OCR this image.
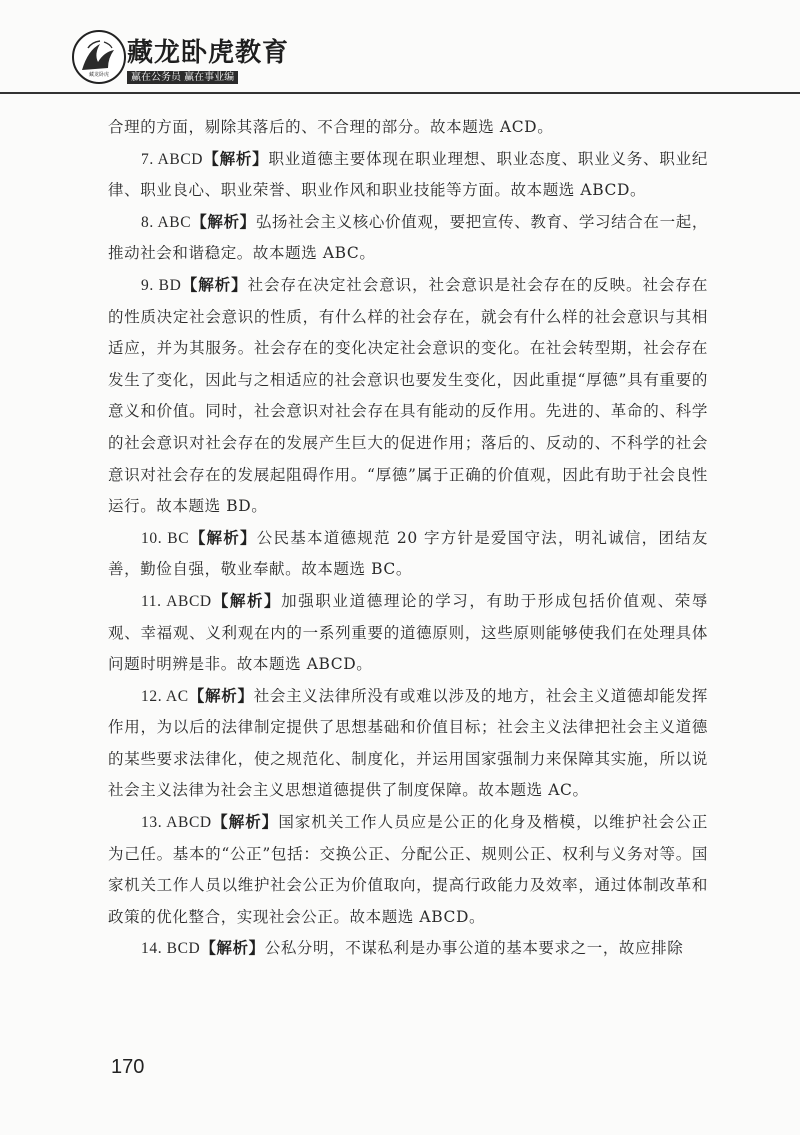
藏龙卧虎
藏龙卧虎教育
赢在公务员 赢在事业编

合理的方面，剔除其落后的、不合理的部分。故本题选 ACD。

7. ABCD【解析】职业道德主要体现在职业理想、职业态度、职业义务、职业纪律、职业良心、职业荣誉、职业作风和职业技能等方面。故本题选 ABCD。

8. ABC【解析】弘扬社会主义核心价值观，要把宣传、教育、学习结合在一起，推动社会和谐稳定。故本题选 ABC。

9. BD【解析】社会存在决定社会意识，社会意识是社会存在的反映。社会存在的性质决定社会意识的性质，有什么样的社会存在，就会有什么样的社会意识与其相适应，并为其服务。社会存在的变化决定社会意识的变化。在社会转型期，社会存在发生了变化，因此与之相适应的社会意识也要发生变化，因此重提“厚德”具有重要的意义和价值。同时，社会意识对社会存在具有能动的反作用。先进的、革命的、科学的社会意识对社会存在的发展产生巨大的促进作用；落后的、反动的、不科学的社会意识对社会存在的发展起阻碍作用。“厚德”属于正确的价值观，因此有助于社会良性运行。故本题选 BD。

10. BC【解析】公民基本道德规范 20 字方针是爱国守法，明礼诚信，团结友善，勤俭自强，敬业奉献。故本题选 BC。

11. ABCD【解析】加强职业道德理论的学习，有助于形成包括价值观、荣辱观、幸福观、义利观在内的一系列重要的道德原则，这些原则能够使我们在处理具体问题时明辨是非。故本题选 ABCD。

12. AC【解析】社会主义法律所没有或难以涉及的地方，社会主义道德却能发挥作用，为以后的法律制定提供了思想基础和价值目标；社会主义法律把社会主义道德的某些要求法律化，使之规范化、制度化，并运用国家强制力来保障其实施，所以说社会主义法律为社会主义思想道德提供了制度保障。故本题选 AC。

13. ABCD【解析】国家机关工作人员应是公正的化身及楷模，以维护社会公正为己任。基本的“公正”包括：交换公正、分配公正、规则公正、权利与义务对等。国家机关工作人员以维护社会公正为价值取向，提高行政能力及效率，通过体制改革和政策的优化整合，实现社会公正。故本题选 ABCD。

14. BCD【解析】公私分明，不谋私利是办事公道的基本要求之一，故应排除

170
